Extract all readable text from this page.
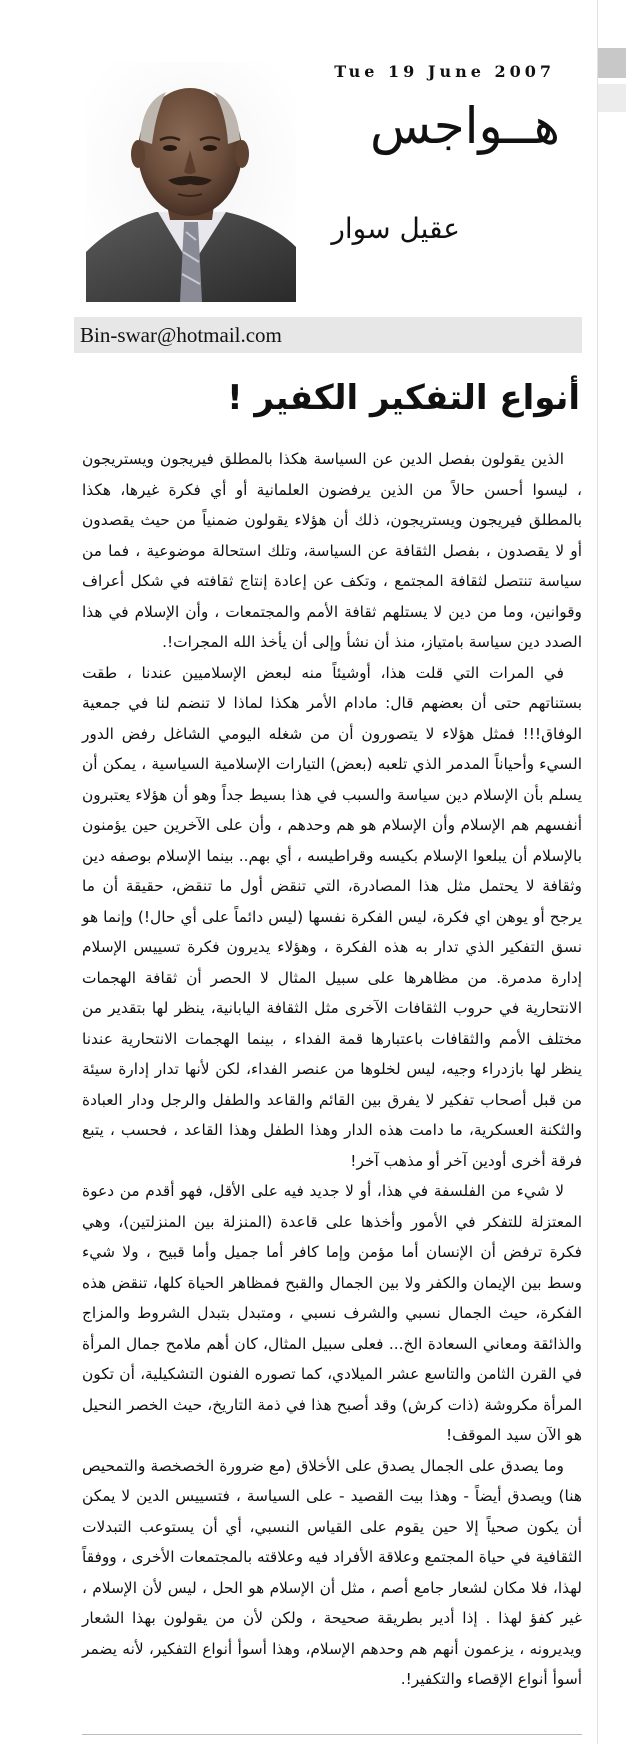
Tue 19 June 2007
هــواجس
عقيل سوار
Bin-swar@hotmail.com
أنواع التفكير الكفير !

الذين يقولون بفصل الدين عن السياسة هكذا بالمطلق فيريجون ويستريجون ، ليسوا أحسن حالاً من الذين يرفضون العلمانية أو أي فكرة غيرها، هكذا بالمطلق فيريجون ويستريجون، ذلك أن هؤلاء يقولون ضمنياً من حيث يقصدون أو لا يقصدون ، بفصل الثقافة عن السياسة، وتلك استحالة موضوعية ، فما من سياسة تنتصل لثقافة المجتمع ، وتكف عن إعادة إنتاج ثقافته في شكل أعراف وقوانين، وما من دين لا يستلهم ثقافة الأمم والمجتمعات ، وأن الإسلام في هذا الصدد دين سياسة بامتياز، منذ أن نشأ وإلى أن يأخذ الله المجرات!.

في المرات التي قلت هذا، أوشيئاً منه لبعض الإسلاميين عندنا ، طقت بستناتهم حتى أن بعضهم قال: مادام الأمر هكذا لماذا لا تنضم لنا في جمعية الوفاق!!! فمثل هؤلاء لا يتصورون أن من شغله اليومي الشاغل رفض الدور السيء وأحياناً المدمر الذي تلعبه (بعض) التيارات الإسلامية السياسية ، يمكن أن يسلم بأن الإسلام دين سياسة والسبب في هذا بسيط جداً وهو أن هؤلاء يعتبرون أنفسهم هم الإسلام وأن الإسلام هو هم وحدهم ، وأن على الآخرين حين يؤمنون بالإسلام أن يبلعوا الإسلام بكيسه وقراطيسه ، أي بهم.. بينما الإسلام بوصفه دين وثقافة لا يحتمل مثل هذا المصادرة، التي تنقض أول ما تنقض، حقيقة أن ما يرجح أو يوهن اي فكرة، ليس الفكرة نفسها (ليس دائماً على أي حال!) وإنما هو نسق التفكير الذي تدار به هذه الفكرة ، وهؤلاء يديرون فكرة تسييس الإسلام إدارة مدمرة. من مظاهرها على سبيل المثال لا الحصر أن ثقافة الهجمات الانتحارية في حروب الثقافات الآخرى مثل الثقافة اليابانية، ينظر لها بتقدير من مختلف الأمم والثقافات باعتبارها قمة الفداء ، بينما الهجمات الانتحارية عندنا ينظر لها بازدراء وجيه، ليس لخلوها من عنصر الفداء، لكن لأنها تدار إدارة سيئة من قبل أصحاب تفكير لا يفرق بين القائم والقاعد والطفل والرجل ودار العبادة والثكنة العسكرية، ما دامت هذه الدار وهذا الطفل وهذا القاعد ، فحسب ، يتبع فرقة أخرى أودين آخر أو مذهب آخر!

لا شيء من الفلسفة في هذا، أو لا جديد فيه على الأقل، فهو أقدم من دعوة المعتزلة للتفكر في الأمور وأخذها على قاعدة (المنزلة بين المنزلتين)، وهي فكرة ترفض أن الإنسان أما مؤمن وإما كافر أما جميل وأما قبيح ، ولا شيء وسط بين الإيمان والكفر ولا بين الجمال والقبح فمظاهر الحياة كلها، تنقض هذه الفكرة، حيث الجمال نسبي والشرف نسبي ، ومتبدل بتبدل الشروط والمزاج والذائقة ومعاني السعادة الخ... فعلى سبيل المثال، كان أهم ملامح جمال المرأة في القرن الثامن والتاسع عشر الميلادي، كما تصوره الفنون التشكيلية، أن تكون المرأة مكروشة (ذات كرش) وقد أصبح هذا في ذمة التاريخ، حيث الخصر النحيل هو الآن سيد الموقف!

وما يصدق على الجمال يصدق على الأخلاق (مع ضرورة الخصخصة والتمحيص هنا) ويصدق أيضاً - وهذا بيت القصيد - على السياسة ، فتسييس الدين لا يمكن أن يكون صحياً إلا حين يقوم على القياس النسبي، أي أن يستوعب التبدلات الثقافية في حياة المجتمع وعلاقة الأفراد فيه وعلاقته بالمجتمعات الأخرى ، ووفقاً لهذا، فلا مكان لشعار جامع أصم ، مثل أن الإسلام هو الحل ، ليس لأن الإسلام ، غير كفؤ لهذا . إذا أدير بطريقة صحيحة ، ولكن لأن من يقولون بهذا الشعار ويديرونه ، يزعمون أنهم هم وحدهم الإسلام، وهذا أسوأ أنواع التفكير، لأنه يضمر أسوأ أنواع الإقصاء والتكفير!.
